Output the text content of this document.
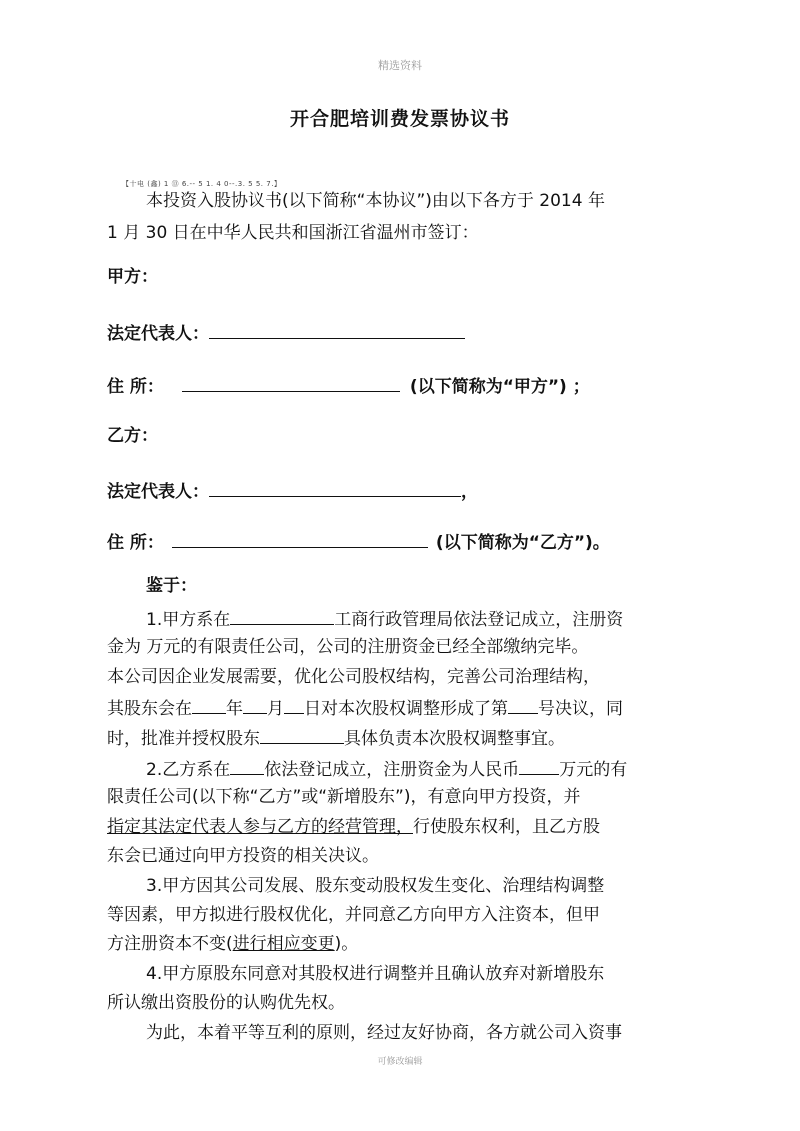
精选资料
开合肥培训费发票协议书
【十电 (鑫) 1 ⑬ 6.-- 5 1. 4 0--.3. 5 5. 7.】
本投资入股协议书(以下简称“本协议”)由以下各方于 2014 年
1 月 30 日在中华人民共和国浙江省温州市签订：
甲方：
法定代表人：
住 所：	(以下简称为“甲方”) ；
乙方：
法定代表人：	，
住 所：	(以下简称为“乙方”)。
鉴于：
1.甲方系在	工商行政管理局依法登记成立，注册资
金为 万元的有限责任公司，公司的注册资金已经全部缴纳完毕。
本公司因企业发展需要，优化公司股权结构，完善公司治理结构，
其股东会在 年 月 日对本次股权调整形成了第 号决议，同
时，批准并授权股东	具体负责本次股权调整事宜。
2.乙方系在 依法登记成立，注册资金为人民币 万元的有
限责任公司(以下称“乙方”或“新增股东”)，有意向甲方投资，并
指定其法定代表人参与乙方的经营管理，行使股东权利，且乙方股
东会已通过向甲方投资的相关决议。
3.甲方因其公司发展、股东变动股权发生变化、治理结构调整
等因素，甲方拟进行股权优化，并同意乙方向甲方入注资本，但甲
方注册资本不变(进行相应变更)。
4.甲方原股东同意对其股权进行调整并且确认放弃对新增股东
所认缴出资股份的认购优先权。
为此，本着平等互利的原则，经过友好协商，各方就公司入资事
可修改编辑
